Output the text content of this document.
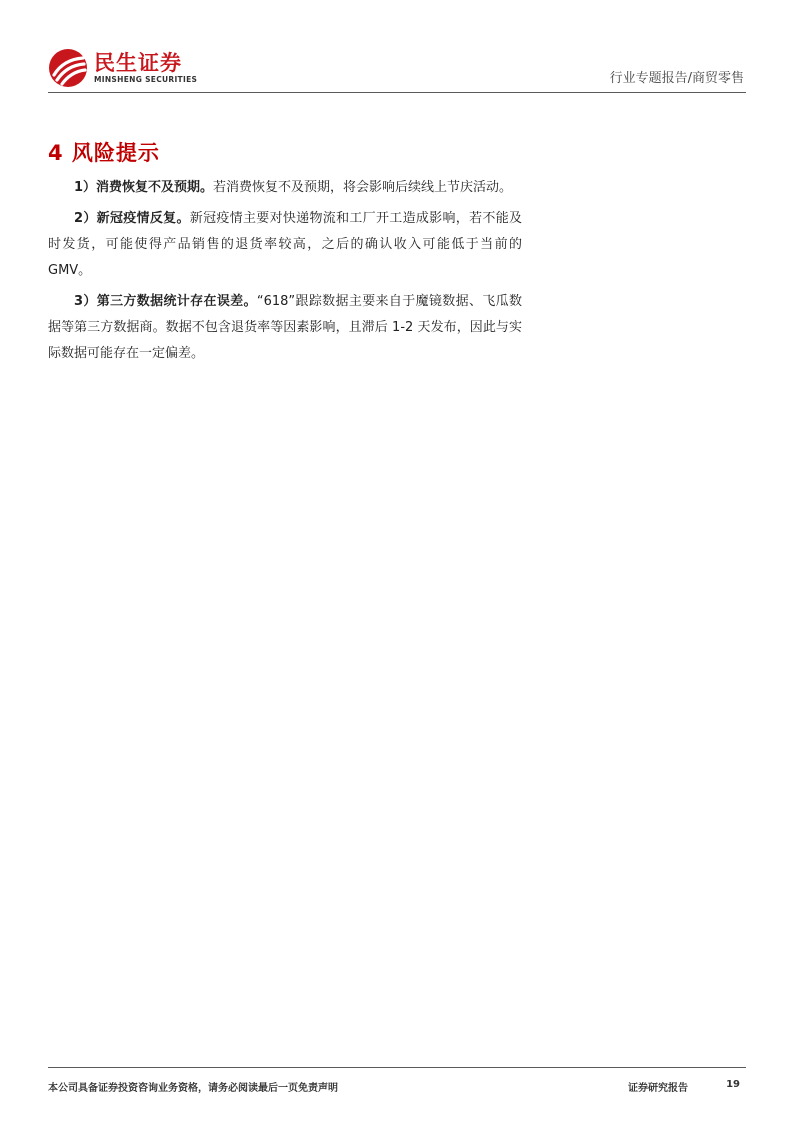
民生证券
MINSHENG SECURITIES	行业专题报告/商贸零售
4 风险提示

1）消费恢复不及预期。若消费恢复不及预期，将会影响后续线上节庆活动。

2）新冠疫情反复。新冠疫情主要对快递物流和工厂开工造成影响，若不能及时发货，可能使得产品销售的退货率较高，之后的确认收入可能低于当前的 GMV。

3）第三方数据统计存在误差。“618”跟踪数据主要来自于魔镜数据、飞瓜数据等第三方数据商。数据不包含退货率等因素影响，且滞后 1-2 天发布，因此与实际数据可能存在一定偏差。

本公司具备证券投资咨询业务资格，请务必阅读最后一页免责声明	证券研究报告	19
